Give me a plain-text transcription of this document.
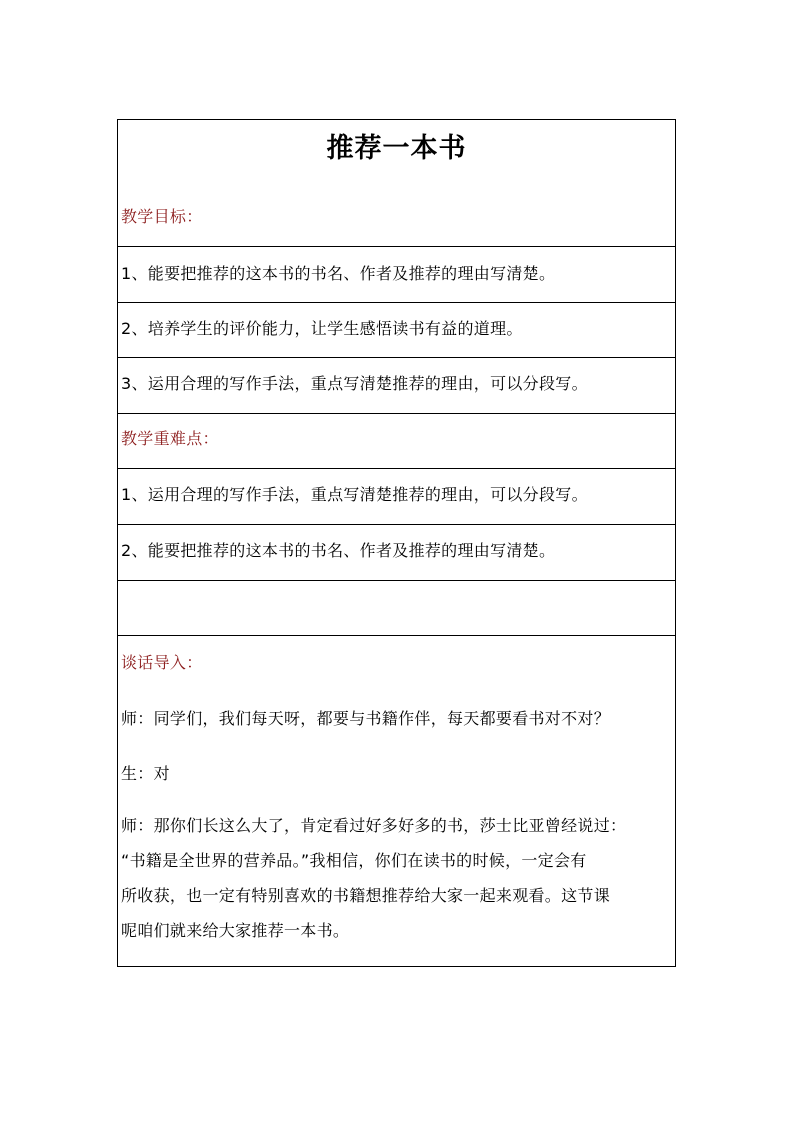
推荐一本书
教学目标：
1、能要把推荐的这本书的书名、作者及推荐的理由写清楚。
2、培养学生的评价能力，让学生感悟读书有益的道理。
3、运用合理的写作手法，重点写清楚推荐的理由，可以分段写。
教学重难点：
1、运用合理的写作手法，重点写清楚推荐的理由，可以分段写。
2、能要把推荐的这本书的书名、作者及推荐的理由写清楚。
谈话导入：
师：同学们，我们每天呀，都要与书籍作伴，每天都要看书对不对？
生：对
师：那你们长这么大了，肯定看过好多好多的书，莎士比亚曾经说过：
“书籍是全世界的营养品。”我相信，你们在读书的时候，一定会有
所收获，也一定有特别喜欢的书籍想推荐给大家一起来观看。这节课
呢咱们就来给大家推荐一本书。
